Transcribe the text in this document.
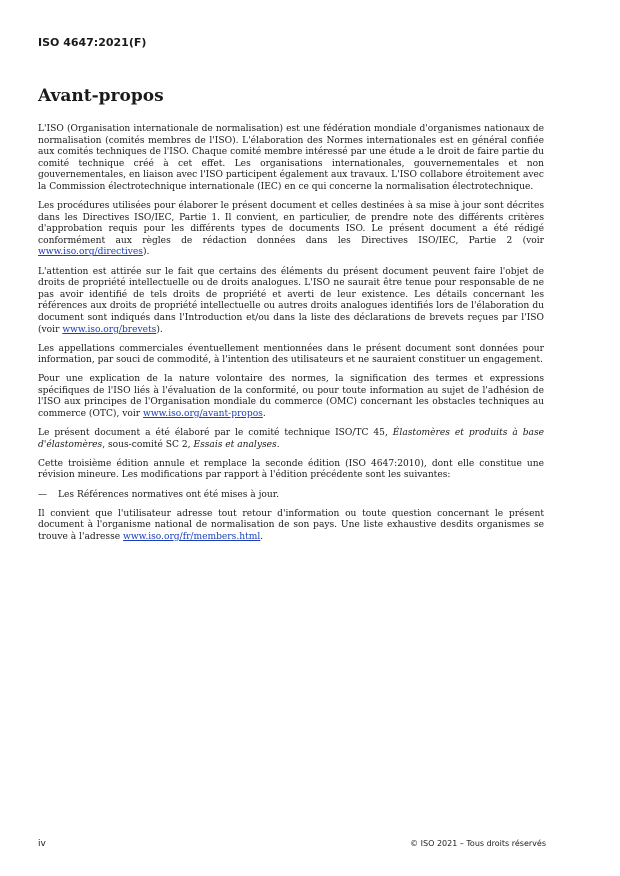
ISO 4647:2021(F)
Avant-propos

L'ISO (Organisation internationale de normalisation) est une fédération mondiale d'organismes nationaux de normalisation (comités membres de l'ISO). L'élaboration des Normes internationales est en général confiée aux comités techniques de l'ISO. Chaque comité membre intéressé par une étude a le droit de faire partie du comité technique créé à cet effet. Les organisations internationales, gouvernementales et non gouvernementales, en liaison avec l'ISO participent également aux travaux. L'ISO collabore étroitement avec la Commission électrotechnique internationale (IEC) en ce qui concerne la normalisation électrotechnique.

Les procédures utilisées pour élaborer le présent document et celles destinées à sa mise à jour sont décrites dans les Directives ISO/IEC, Partie 1. Il convient, en particulier, de prendre note des différents critères d'approbation requis pour les différents types de documents ISO. Le présent document a été rédigé conformément aux règles de rédaction données dans les Directives ISO/IEC, Partie 2 (voir www.iso.org/directives).

L'attention est attirée sur le fait que certains des éléments du présent document peuvent faire l'objet de droits de propriété intellectuelle ou de droits analogues. L'ISO ne saurait être tenue pour responsable de ne pas avoir identifié de tels droits de propriété et averti de leur existence. Les détails concernant les références aux droits de propriété intellectuelle ou autres droits analogues identifiés lors de l'élaboration du document sont indiqués dans l'Introduction et/ou dans la liste des déclarations de brevets reçues par l'ISO (voir www.iso.org/brevets).

Les appellations commerciales éventuellement mentionnées dans le présent document sont données pour information, par souci de commodité, à l'intention des utilisateurs et ne sauraient constituer un engagement.

Pour une explication de la nature volontaire des normes, la signification des termes et expressions spécifiques de l'ISO liés à l'évaluation de la conformité, ou pour toute information au sujet de l'adhésion de l'ISO aux principes de l'Organisation mondiale du commerce (OMC) concernant les obstacles techniques au commerce (OTC), voir www.iso.org/avant-propos.

Le présent document a été élaboré par le comité technique ISO/TC 45, Élastomères et produits à base d'élastomères, sous-comité SC 2, Essais et analyses.

Cette troisième édition annule et remplace la seconde édition (ISO 4647:2010), dont elle constitue une révision mineure. Les modifications par rapport à l'édition précédente sont les suivantes:

—	Les Références normatives ont été mises à jour.

Il convient que l'utilisateur adresse tout retour d'information ou toute question concernant le présent document à l'organisme national de normalisation de son pays. Une liste exhaustive desdits organismes se trouve à l'adresse www.iso.org/fr/members.html.

iv	© ISO 2021 – Tous droits réservés
